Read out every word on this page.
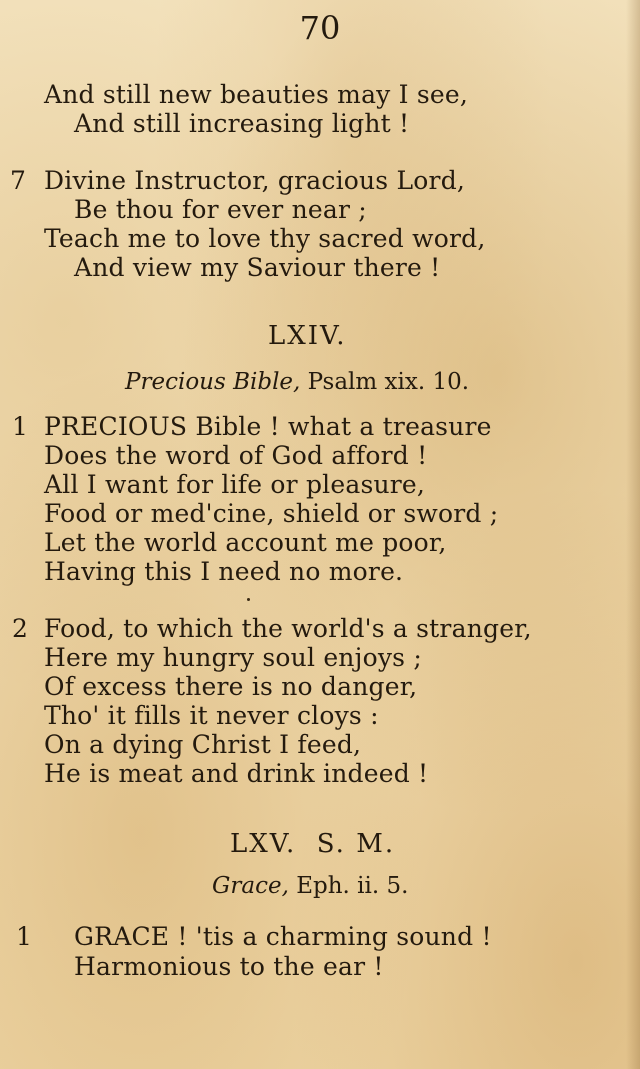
70

And still new beauties may I see,

And still increasing light !

7 Divine Instructor, gracious Lord,

Be thou for ever near ;

Teach me to love thy sacred word,

And view my Saviour there !

LXIV.

Precious Bible, Psalm xix. 10.

1 PRECIOUS Bible ! what a treasure

Does the word of God afford !

All I want for life or pleasure,

Food or med'cine, shield or sword ;

Let the world account me poor,

Having this I need no more.

2 Food, to which the world's a stranger,

Here my hungry soul enjoys ;

Of excess there is no danger,

Tho' it fills it never cloys :

On a dying Christ I feed,

He is meat and drink indeed !

LXV.  S. M.

Grace, Eph. ii. 5.

1 GRACE ! 'tis a charming sound !

Harmonious to the ear !
